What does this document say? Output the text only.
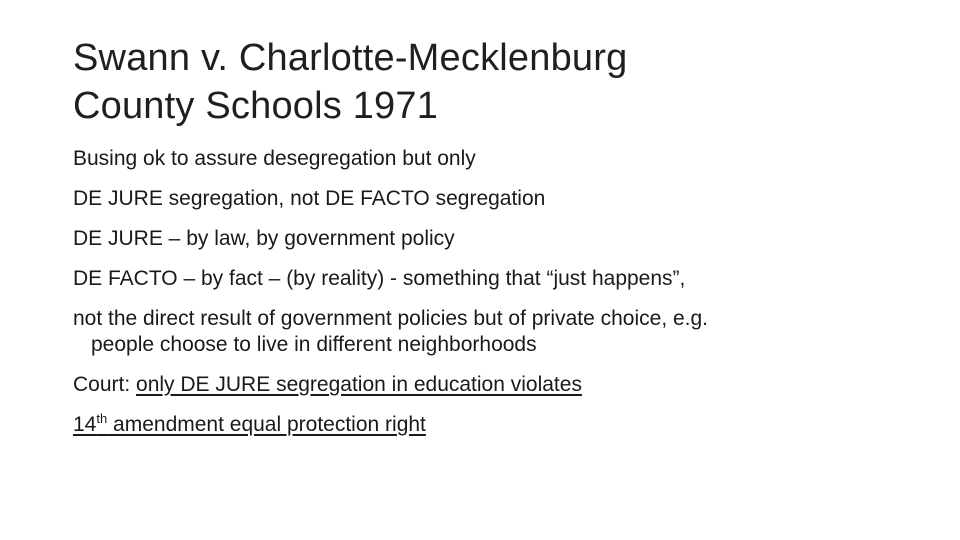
Swann v. Charlotte-Mecklenburg
County Schools 1971
Busing ok to assure desegregation but only
DE JURE segregation, not DE FACTO segregation
DE JURE – by law, by government policy
DE FACTO – by fact – (by reality) - something that “just happens”,
not the direct result of government policies but of private choice, e.g.
people choose to live in different neighborhoods
Court: only DE JURE segregation in education violates
14th amendment equal protection right
